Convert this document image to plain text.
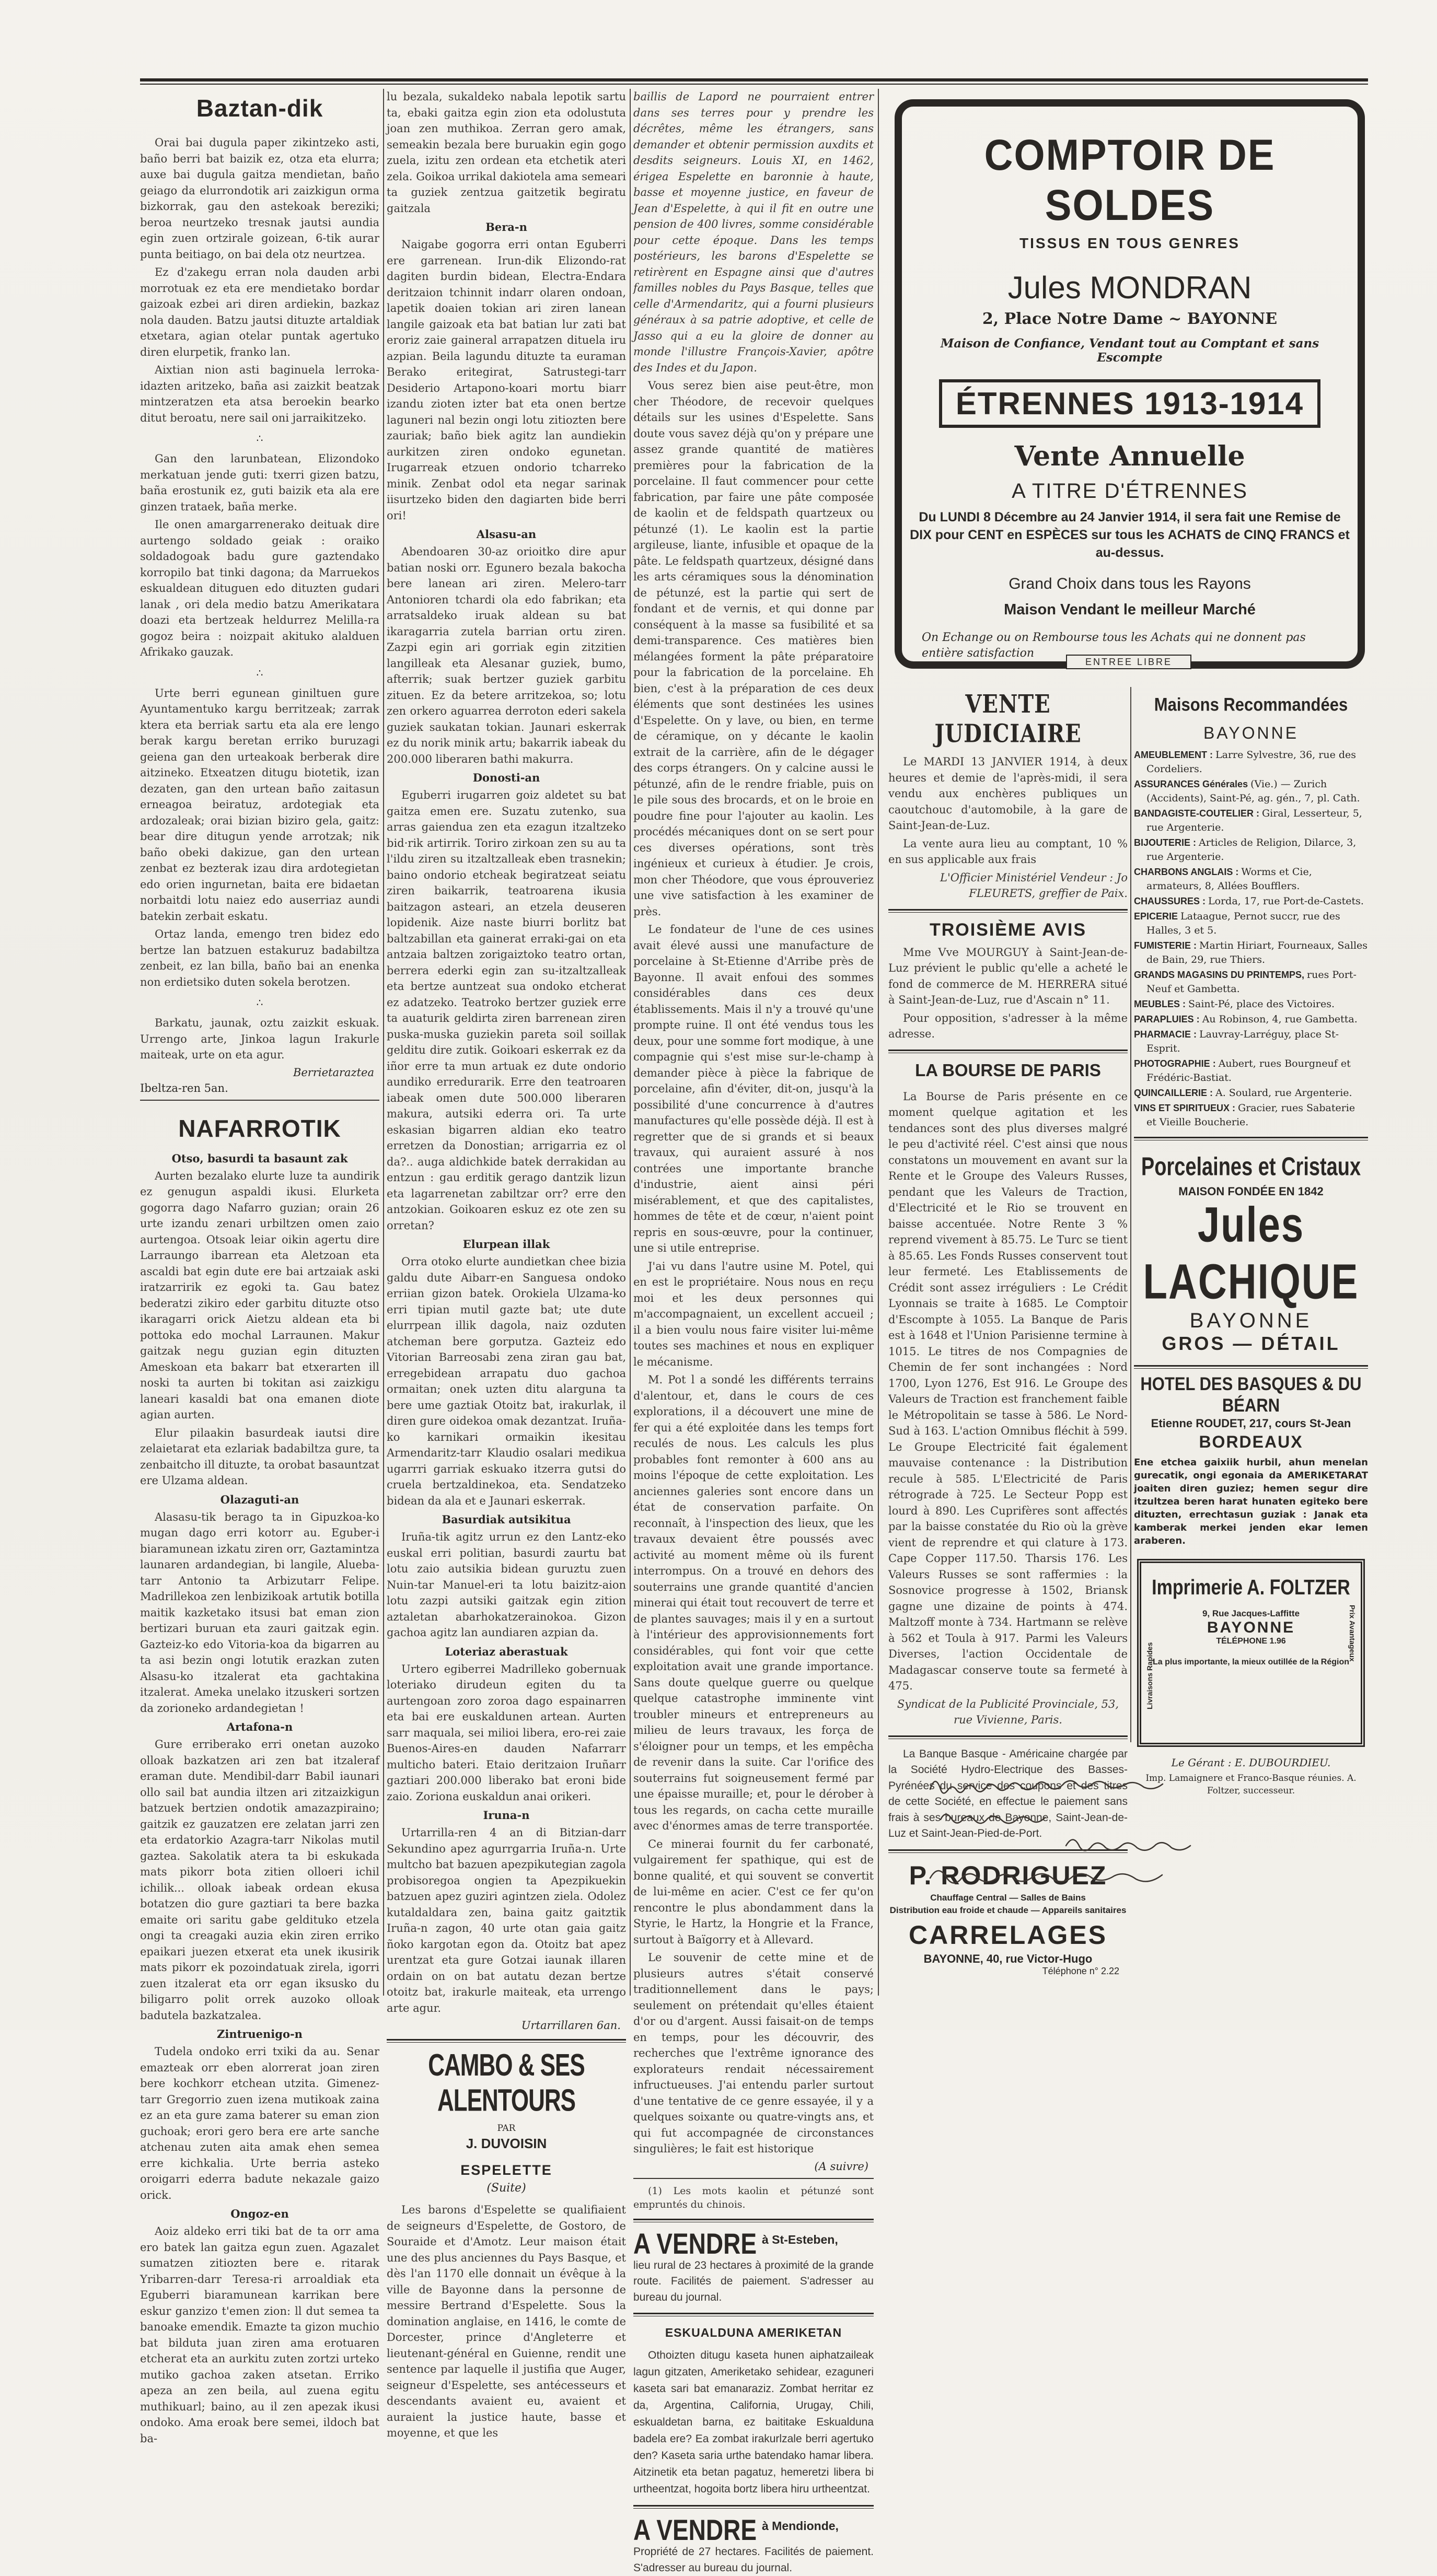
Baztan-dik

Orai bai dugula paper zikintzeko asti, baño berri bat baizik ez, otza eta elurra; auxe bai dugula gaitza mendietan, baño geiago da elurrondotik ari zaizkigun orma bizkorrak, gau den astekoak bereziki; beroa neurtzeko tresnak jautsi aundia egin zuen ortzirale goizean, 6-tik aurar punta beitiago, on bai dela otz neurtzea.

Ez d'zakegu erran nola dauden arbi morrotuak ez eta ere mendietako bordar gaizoak ezbei ari diren ardiekin, bazkaz nola dauden. Batzu jautsi dituzte artaldiak etxetara, agian otelar puntak agertuko diren elurpetik, franko lan.

Aixtian nion asti baginuela lerroka-idazten aritzeko, baña asi zaizkit beatzak mintzeratzen eta atsa beroekin bearko ditut beroatu, nere sail oni jarraikitzeko.

∴

Gan den larunbatean, Elizondoko merkatuan jende guti: txerri gizen batzu, baña erostunik ez, guti baizik eta ala ere ginzen trataek, baña merke.

Ile onen amargarrenerako deituak dire aurtengo soldado geiak : oraiko soldadogoak badu gure gaztendako korropilo bat tinki dagona; da Marruekos eskualdean dituguen edo dituzten gudari lanak , ori dela medio batzu Amerikatara doazi eta bertzeak heldurrez Melilla-ra gogoz beira : noizpait akituko alalduen Afrikako gauzak.

∴

Urte berri egunean giniltuen gure Ayuntamentuko kargu berritzeak; zarrak ktera eta berriak sartu eta ala ere lengo berak kargu beretan erriko buruzagi geiena gan den urteakoak berberak dire aitzineko. Etxeatzen ditugu biotetik, izan dezaten, gan den urtean baño zaitasun erneagoa beiratuz, ardotegiak eta ardozaleak; orai bizian biziro gela, gaitz: bear dire ditugun yende arrotzak; nik baño obeki dakizue, gan den urtean zenbat ez bezterak izau dira ardotegietan edo orien ingurnetan, baita ere bidaetan norbaitdi lotu naiez edo auserriaz aundi batekin zerbait eskatu.

Ortaz landa, emengo tren bidez edo bertze lan batzuen estakuruz badabiltza zenbeit, ez lan billa, baño bai an enenka non erdietsiko duten sokela berotzen.

∴

Barkatu, jaunak, oztu zaizkit eskuak. Urrengo arte, Jinkoa lagun Irakurle maiteak, urte on eta agur.

Berrietaraztea
Ibeltza-ren 5an.
NAFARROTIK
Otso, basurdi ta basaunt zak

Aurten bezalako elurte luze ta aundirik ez genugun aspaldi ikusi. Elurketa gogorra dago Nafarro guzian; orain 26 urte izandu zenari urbiltzen omen zaio aurtengoa. Otsoak leiar oikin agertu dire Larraungo ibarrean eta Aletzoan eta ascaldi bat egin dute ere bai artzaiak aski iratzarririk ez egoki ta. Gau batez bederatzi zikiro eder garbitu dituzte otso ikaragarri orick Aietzu aldean eta bi pottoka edo mochal Larraunen. Makur gaitzak negu guzian egin dituzten Ameskoan eta bakarr bat etxerarten ill noski ta aurten bi tokitan asi zaizkigu laneari kasaldi bat ona emanen diote agian aurten.

Elur pilaakin basurdeak iautsi dire zelaietarat eta ezlariak badabiltza gure, ta zenbaitcho ill dituzte, ta orobat basauntzat ere Ulzama aldean.

Olazaguti-an

Alasasu-tik berago ta in Gipuzkoa-ko mugan dago erri kotorr au. Eguber-i biaramunean izkatu ziren orr, Gaztamintza launaren ardandegian, bi langile, Alueba-tarr Antonio ta Arbizutarr Felipe. Madrillekoa zen lenbizikoak artutik botilla maitik kazketako itsusi bat eman zion bertizari buruan eta zauri gaitzak egin. Gazteiz-ko edo Vitoria-koa da bigarren au ta asi bezin ongi lotutik erazkan zuten Alsasu-ko itzalerat eta gachtakina itzalerat. Ameka unelako itzuskeri sortzen da zorioneko ardandegietan !

Artafona-n

Gure erriberako erri onetan auzoko olloak bazkatzen ari zen bat itzaleraf eraman dute. Mendibil-darr Babil iaunari ollo sail bat aundia iltzen ari zitzaizkigun batzuek bertzien ondotik amazazpiraino; gaitzik ez gauzatzen ere zelatan jarri zen eta erdatorkio Azagra-tarr Nikolas mutil gaztea. Sakolatik atera ta bi eskukada mats pikorr bota zitien olloeri ichil ichilik... olloak iabeak ordean ekusa botatzen dio gure gaztiari ta bere bazka emaite ori saritu gabe geldituko etzela ongi ta creagaki auzia ekin ziren erriko epaikari juezen etxerat eta unek ikusirik mats pikorr ek pozoindatuak zirela, igorri zuen itzalerat eta orr egan iksusko du biligarro polit orrek auzoko olloak badutela bazkatzalea.

Zintruenigo-n

Tudela ondoko erri txiki da au. Senar emazteak orr eben alorrerat joan ziren bere kochkorr etchean utzita. Gimenez-tarr Gregorrio zuen izena mutikoak zaina ez an eta gure zama baterer su eman zion guchoak; erori gero bera ere arte sanche atchenau zuten aita amak ehen semea erre kichkalia. Urte berria asteko oroigarri ederra badute nekazale gaizo orick.

Ongoz-en

Aoiz aldeko erri tiki bat de ta orr ama ero batek lan gaitza egun zuen. Agazalet sumatzen zitiozten bere e. ritarak Yribarren-darr Teresa-ri arroaldiak eta Eguberri biaramunean karrikan bere eskur ganzizo t'emen zion: ll dut semea ta banoake emendik. Emazte ta gizon muchio bat bilduta juan ziren ama erotuaren etcherat eta an aurkitu zuten zortzi urteko mutiko gachoa zaken atsetan. Erriko apeza an zen beila, aul zuena egitu muthikuarl; baino, au il zen apezak ikusi ondoko. Ama eroak bere semei, ildoch bat ba-

lu bezala, sukaldeko nabala lepotik sartu ta, ebaki gaitza egin zion eta odolustuta joan zen muthikoa. Zerran gero amak, semeakin bezala bere buruakin egin gogo zuela, izitu zen ordean eta etchetik ateri zela. Goikoa urrikal dakiotela ama semeari ta guziek zentzua gaitzetik begiratu gaitzala

Bera-n

Naigabe gogorra erri ontan Eguberri ere garrenean. Irun-dik Elizondo-rat dagiten burdin bidean, Electra-Endara deritzaion tchinnit indarr olaren ondoan, lapetik doaien tokian ari ziren lanean langile gaizoak eta bat batian lur zati bat eroriz zaie gaineral arrapatzen dituela iru azpian. Beila lagundu dituzte ta euraman Berako eritegirat, Satrustegi-tarr Desiderio Artapono-koari mortu biarr izandu zioten izter bat eta onen bertze laguneri nal bezin ongi lotu zitiozten bere zauriak; baño biek agitz lan aundiekin aurkitzen ziren ondoko egunetan. Irugarreak etzuen ondorio tcharreko minik. Zenbat odol eta negar sarinak iisurtzeko biden den dagiarten bide berri ori!

Alsasu-an

Abendoaren 30-az orioitko dire apur batian noski orr. Egunero bezala bakocha bere lanean ari ziren. Melero-tarr Antonioren tchardi ola edo fabrikan; eta arratsaldeko iruak aldean su bat ikaragarria zutela barrian ortu ziren. Zazpi egin ari gorriak egin zitzitien langilleak eta Alesanar guziek, bumo, afterrik; suak bertzer guziek garbitu zituen. Ez da betere arritzekoa, so; lotu zen orkero aguarrea derroton ederi sakela guziek saukatan tokian. Jaunari eskerrak ez du norik minik artu; bakarrik iabeak du 200.000 liberaren bathi makurra.

Donosti-an

Eguberri irugarren goiz aldetet su bat gaitza emen ere. Suzatu zutenko, sua arras gaiendua zen eta ezagun itzaltzeko bid·rik artirrik. Toriro zirkoan zen su au ta l'ildu ziren su itzaltzalleak eben trasnekin; baino ondorio etcheak begiratzeat seiatu ziren baikarrik, teatroarena ikusia baitzagon asteari, an etzela deuseren lopidenik. Aize naste biurri borlitz bat baltzabillan eta gainerat erraki-gai on eta antzaia baltzen zorigaiztoko teatro ortan, berrera ederki egin zan su-itzaltzalleak eta bertze auntzeat sua ondoko etcherat ez adatzeko. Teatroko bertzer guziek erre ta auaturik geldirta ziren barrenean ziren puska-muska guziekin pareta soil soillak gelditu dire zutik. Goikoari eskerrak ez da iñor erre ta mun artuak ez dute ondorio aundiko erredurarik. Erre den teatroaren iabeak omen dute 500.000 liberaren makura, autsiki ederra ori. Ta urte eskasian bigarren aldian eko teatro erretzen da Donostian; arrigarria ez ol da?.. auga aldichkide batek derrakidan au entzun : gau erditik gerago dantzik lizun eta lagarrenetan zabiltzar orr? erre den antzokian. Goikoaren eskuz ez ote zen su orretan?

Elurpean illak

Orra otoko elurte aundietkan chee bizia galdu dute Aibarr-en Sanguesa ondoko erriian gizon batek. Orokiela Ulzama-ko erri tipian mutil gazte bat; ute dute elurrpean illik dagola, naiz ozduten atcheman bere gorputza. Gazteiz edo Vitorian Barreosabi zena ziran gau bat, erregebidean arrapatu duo gachoa ormaitan; onek uzten ditu alarguna ta bere ume gaztiak Otoitz bat, irakurlak, il diren gure oidekoa omak dezantzat. Iruña-ko karnikari ormaikin ikesitau Armendaritz-tarr Klaudio osalari medikua ugarrri garriak eskuako itzerra gutsi do cruela bertzaldinekoa, eta. Sendatzeko bidean da ala et e Jaunari eskerrak.

Basurdiak autsikitua

Iruña-tik agitz urrun ez den Lantz-eko euskal erri politian, basurdi zaurtu bat lotu zaio autsikia bidean guruztu zuen Nuin-tar Manuel-eri ta lotu baizitz-aion lotu zazpi autsiki gaitzak egin zition aztaletan abarhokatzerainokoa. Gizon gachoa agitz lan aundiaren azpian da.

Loteriaz aberastuak

Urtero egiberrei Madrilleko gobernuak loteriako dirudeun egiten du ta aurtengoan zoro zoroa dago espainarren eta bai ere euskaldunen artean. Aurten sarr maquala, sei milioi libera, ero-rei zaie Buenos-Aires-en dauden Nafarrarr multicho bateri. Etaio deritzaion Iruñarr gaztiari 200.000 liberako bat eroni bide zaio. Zoriona euskaldun anai orikeri.

Iruna-n

Urtarrilla-ren 4 an di Bitzian-darr Sekundino apez agurrgarria Iruña-n. Urte multcho bat bazuen apezpikutegian zagola probisoregoa ongien ta Apezpikuekin batzuen apez guziri agintzen ziela. Odolez kutaldaldara zen, baina gaitz gaitztik Iruña-n zagon, 40 urte otan gaia gaitz ñoko kargotan egon da. Otoitz bat apez urentzat eta gure Gotzai iaunak illaren ordain on on bat autatu dezan bertze otoitz bat, irakurle maiteak, eta urrengo arte agur.

Urtarrillaren 6an.
CAMBO & SES ALENTOURS
PAR
J. DUVOISIN
ESPELETTE
(Suite)

Les barons d'Espelette se qualifiaient de seigneurs d'Espelette, de Gostoro, de Souraide et d'Amotz. Leur maison était une des plus anciennes du Pays Basque, et dès l'an 1170 elle donnait un évêque à la ville de Bayonne dans la personne de messire Bertrand d'Espelette. Sous la domination anglaise, en 1416, le comte de Dorcester, prince d'Angleterre et lieutenant-général en Guienne, rendit une sentence par laquelle il justifia que Auger, seigneur d'Espelette, ses antécesseurs et descendants avaient eu, avaient et auraient la justice haute, basse et moyenne, et que les

baillis de Lapord ne pourraient entrer dans ses terres pour y prendre les décrêtes, même les étrangers, sans demander et obtenir permission auxdits et desdits seigneurs. Louis XI, en 1462, érigea Espelette en baronnie à haute, basse et moyenne justice, en faveur de Jean d'Espelette, à qui il fit en outre une pension de 400 livres, somme considérable pour cette époque. Dans les temps postérieurs, les barons d'Espelette se retirèrent en Espagne ainsi que d'autres familles nobles du Pays Basque, telles que celle d'Armendaritz, qui a fourni plusieurs généraux à sa patrie adoptive, et celle de Jasso qui a eu la gloire de donner au monde l'illustre François-Xavier, apôtre des Indes et du Japon.

Vous serez bien aise peut-être, mon cher Théodore, de recevoir quelques détails sur les usines d'Espelette. Sans doute vous savez déjà qu'on y prépare une assez grande quantité de matières premières pour la fabrication de la porcelaine. Il faut commencer pour cette fabrication, par faire une pâte composée de kaolin et de feldspath quartzeux ou pétunzé (1). Le kaolin est la partie argileuse, liante, infusible et opaque de la pâte. Le feldspath quartzeux, désigné dans les arts céramiques sous la dénomination de pétunzé, est la partie qui sert de fondant et de vernis, et qui donne par conséquent à la masse sa fusibilité et sa demi-transparence. Ces matières bien mélangées forment la pâte préparatoire pour la fabrication de la porcelaine. Eh bien, c'est à la préparation de ces deux éléments que sont destinées les usines d'Espelette. On y lave, ou bien, en terme de céramique, on y décante le kaolin extrait de la carrière, afin de le dégager des corps étrangers. On y calcine aussi le pétunzé, afin de le rendre friable, puis on le pile sous des brocards, et on le broie en poudre fine pour l'ajouter au kaolin. Les procédés mécaniques dont on se sert pour ces diverses opérations, sont très ingénieux et curieux à étudier. Je crois, mon cher Théodore, que vous éprouveriez une vive satisfaction à les examiner de près.

Le fondateur de l'une de ces usines avait élevé aussi une manufacture de porcelaine à St-Etienne d'Arribe près de Bayonne. Il avait enfoui des sommes considérables dans ces deux établissements. Mais il n'y a trouvé qu'une prompte ruine. Il ont été vendus tous les deux, pour une somme fort modique, à une compagnie qui s'est mise sur-le-champ à demander pièce à pièce la fabrique de porcelaine, afin d'éviter, dit-on, jusqu'à la possibilité d'une concurrence à d'autres manufactures qu'elle possède déjà. Il est à regretter que de si grands et si beaux travaux, qui auraient assuré à nos contrées une importante branche d'industrie, aient ainsi péri misérablement, et que des capitalistes, hommes de tête et de cœur, n'aient point repris en sous-œuvre, pour la continuer, une si utile entreprise.

J'ai vu dans l'autre usine M. Potel, qui en est le propriétaire. Nous nous en reçu moi et les deux personnes qui m'accompagnaient, un excellent accueil ; il a bien voulu nous faire visiter lui-même toutes ses machines et nous en expliquer le mécanisme.

M. Pot l a sondé les différents terrains d'alentour, et, dans le cours de ces explorations, il a découvert une mine de fer qui a été exploitée dans les temps fort reculés de nous. Les calculs les plus probables font remonter à 600 ans au moins l'époque de cette exploitation. Les anciennes galeries sont encore dans un état de conservation parfaite. On reconnaît, à l'inspection des lieux, que les travaux devaient être poussés avec activité au moment même où ils furent interrompus. On a trouvé en dehors des souterrains une grande quantité d'ancien minerai qui était tout recouvert de terre et de plantes sauvages; mais il y en a surtout à l'intérieur des approvisionnements fort considérables, qui font voir que cette exploitation avait une grande importance. Sans doute quelque guerre ou quelque quelque catastrophe imminente vint troubler mineurs et entrepreneurs au milieu de leurs travaux, les força de s'éloigner pour un temps, et les empêcha de revenir dans la suite. Car l'orifice des souterrains fut soigneusement fermé par une épaisse muraille; et, pour le dérober à tous les regards, on cacha cette muraille avec d'énormes amas de terre transportée.

Ce minerai fournit du fer carbonaté, vulgairement fer spathique, qui est de bonne qualité, et qui souvent se convertit de lui-même en acier. C'est ce fer qu'on rencontre le plus abondamment dans la Styrie, le Hartz, la Hongrie et la France, surtout à Baïgorry et à Allevard.

Le souvenir de cette mine et de plusieurs autres s'était conservé traditionnellement dans le pays; seulement on prétendait qu'elles étaient d'or ou d'argent. Aussi faisait-on de temps en temps, pour les découvrir, des recherches que l'extrême ignorance des explorateurs rendait nécessairement infructueuses. J'ai entendu parler surtout d'une tentative de ce genre essayée, il y a quelques soixante ou quatre-vingts ans, et qui fut accompagnée de circonstances singulières; le fait est historique

(A suivre)

(1) Les mots kaolin et pétunzé sont empruntés du chinois.

A VENDRE à St-Esteben,

lieu rural de 23 hectares à proximité de la grande route. Facilités de paiement. S'adresser au bureau du journal.

ESKUALDUNA AMERIKETAN

Othoizten ditugu kaseta hunen aiphatzaileak lagun gitzaten, Ameriketako sehidear, ezaguneri kaseta sari bat emanaraziz. Zombat herritar ez da, Argentina, California, Urugay, Chili, eskualdetan barna, ez baititake Eskualduna badela ere? Ea zombat irakurlzale berri agertuko den? Kaseta saria urthe batendako hamar libera. Aitzinetik eta betan pagatuz, hemeretzi libera bi urtheentzat, hogoita bortz libera hiru urtheentzat.

A VENDRE à Mendionde,

Propriété de 27 hectares. Facilités de paiement. S'adresser au bureau du journal.

COMPTOIR DE SOLDES
TISSUS EN TOUS GENRES
Jules MONDRAN
2, Place Notre Dame ~ BAYONNE
Maison de Confiance, Vendant tout au Comptant et sans Escompte
ÉTRENNES 1913-1914
Vente Annuelle
A TITRE D'ÉTRENNES
Du LUNDI 8 Décembre au 24 Janvier 1914, il sera fait une Remise de DIX pour CENT en ESPÈCES sur tous les ACHATS de CINQ FRANCS et au-dessus.
Grand Choix dans tous les Rayons
Maison Vendant le meilleur Marché
On Echange ou on Rembourse tous les Achats qui ne donnent pas entière satisfaction
ENTREE LIBRE
VENTE JUDICIAIRE

Le MARDI 13 JANVIER 1914, à deux heures et demie de l'après-midi, il sera vendu aux enchères publiques un caoutchouc d'automobile, à la gare de Saint-Jean-de-Luz.

La vente aura lieu au comptant, 10 % en sus applicable aux frais

L'Officier Ministériel Vendeur : Jo FLEURETS, greffier de Paix.

TROISIÈME AVIS

Mme Vve MOURGUY à Saint-Jean-de-Luz prévient le public qu'elle a acheté le fond de commerce de M. HERRERA situé à Saint-Jean-de-Luz, rue d'Ascain n° 11.

Pour opposition, s'adresser à la même adresse.

LA BOURSE DE PARIS

La Bourse de Paris présente en ce moment quelque agitation et les tendances sont des plus diverses malgré le peu d'activité réel. C'est ainsi que nous constatons un mouvement en avant sur la Rente et le Groupe des Valeurs Russes, pendant que les Valeurs de Traction, d'Electricité et le Rio se trouvent en baisse accentuée. Notre Rente 3 % reprend vivement à 85.75. Le Turc se tient à 85.65. Les Fonds Russes conservent tout leur fermeté. Les Etablissements de Crédit sont assez irréguliers : Le Crédit Lyonnais se traite à 1685. Le Comptoir d'Escompte à 1055. La Banque de Paris est à 1648 et l'Union Parisienne termine à 1015. Le titres de nos Compagnies de Chemin de fer sont inchangées : Nord 1700, Lyon 1276, Est 916. Le Groupe des Valeurs de Traction est franchement faible le Métropolitain se tasse à 586. Le Nord-Sud à 163. L'action Omnibus fléchit à 599. Le Groupe Electricité fait également mauvaise contenance : la Distribution recule à 585. L'Electricité de Paris rétrograde à 725. Le Secteur Popp est lourd à 890. Les Cuprifères sont affectés par la baisse constatée du Rio où la grève vient de reprendre et qui clature à 173. Cape Copper 117.50. Tharsis 176. Les Valeurs Russes se sont raffermies : la Sosnovice progresse à 1502, Briansk gagne une dizaine de points à 474. Maltzoff monte à 734. Hartmann se relève à 562 et Toula à 917. Parmi les Valeurs Diverses, l'action Occidentale de Madagascar conserve toute sa fermeté à 475.

Syndicat de la Publicité Provinciale, 53, rue Vivienne, Paris.

La Banque Basque - Américaine chargée par la Société Hydro-Electrique des Basses-Pyrénées du service des coupons et des titres de cette Société, en effectue le paiement sans frais à ses bureaux de Bayonne, Saint-Jean-de-Luz et Saint-Jean-Pied-de-Port.

P. RODRIGUEZ
Chauffage Central — Salles de Bains
Distribution eau froide et chaude — Appareils sanitaires
CARRELAGES
BAYONNE, 40, rue Victor-Hugo
Téléphone n° 2.22
Maisons Recommandées
BAYONNE
AMEUBLEMENT : Larre Sylvestre, 36, rue des Cordeliers.
ASSURANCES Générales (Vie.) — Zurich (Accidents), Saint-Pé, ag. gén., 7, pl. Cath.
BANDAGISTE-COUTELIER : Giral, Lesserteur, 5, rue Argenterie.
BIJOUTERIE : Articles de Religion, Dilarce, 3, rue Argenterie.
CHARBONS ANGLAIS : Worms et Cie, armateurs, 8, Allées Boufflers.
CHAUSSURES : Lorda, 17, rue Port-de-Castets.
EPICERIE Lataague, Pernot succr, rue des Halles, 3 et 5.
FUMISTERIE : Martin Hiriart, Fourneaux, Salles de Bain, 29, rue Thiers.
GRANDS MAGASINS DU PRINTEMPS, rues Port-Neuf et Gambetta.
MEUBLES : Saint-Pé, place des Victoires.
PARAPLUIES : Au Robinson, 4, rue Gambetta.
PHARMACIE : Lauvray-Larréguy, place St-Esprit.
PHOTOGRAPHIE : Aubert, rues Bourgneuf et Frédéric-Bastiat.
QUINCAILLERIE : A. Soulard, rue Argenterie.
VINS ET SPIRITUEUX : Gracier, rues Sabaterie et Vieille Boucherie.
Porcelaines et Cristaux
MAISON FONDÉE EN 1842
Jules LACHIQUE
BAYONNE
GROS — DÉTAIL
HOTEL DES BASQUES & DU BÉARN
Etienne ROUDET, 217, cours St-Jean
BORDEAUX
Ene etchea gaixiik hurbil, ahun menelan gurecatik, ongi egonaia da AMERIKETARAT joaiten diren guziez; hemen segur dire itzultzea beren harat hunaten egiteko bere dituzten, errechtasun guziak : Janak eta kamberak merkei jenden ekar lemen araberen.
Imprimerie A. FOLTZER
Livraisons Rapides
Prix Avantageux
9, Rue Jacques-Laffitte
BAYONNE
TÉLÉPHONE 1.96
La plus importante, la mieux outillée de la Région
Le Gérant : E. DUBOURDIEU.
Imp. Lamaignere et Franco-Basque réunies. A. Foltzer, successeur.
